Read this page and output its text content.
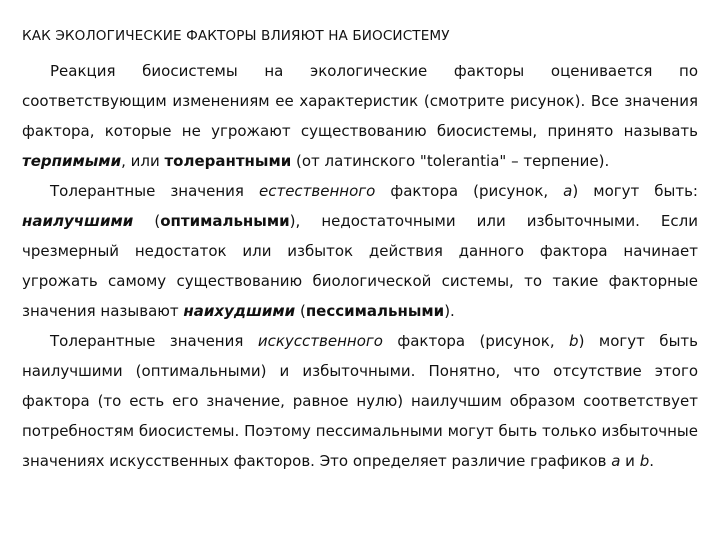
КАК ЭКОЛОГИЧЕСКИЕ ФАКТОРЫ ВЛИЯЮТ НА БИОСИСТЕМУ

Реакция биосистемы на экологические факторы оценивается по соответствующим изменениям ее характеристик (смотрите рисунок). Все значения фактора, которые не угрожают существованию биосистемы, принято называть терпимыми, или толерантными (от латинского "tolerantia" – терпение).

Толерантные значения естественного фактора (рисунок, а) могут быть: наилучшими (оптимальными), недостаточными или избыточными. Если чрезмерный недостаток или избыток действия данного фактора начинает угрожать самому существованию биологической системы, то такие факторные значения называют наихудшими (пессимальными).

Толерантные значения искусственного фактора (рисунок, b) могут быть наилучшими (оптимальными) и избыточными. Понятно, что отсутствие этого фактора (то есть его значение, равное нулю) наилучшим образом соответствует потребностям биосистемы. Поэтому пессимальными могут быть только избыточные значениях искусственных факторов. Это определяет различие графиков а и b.
